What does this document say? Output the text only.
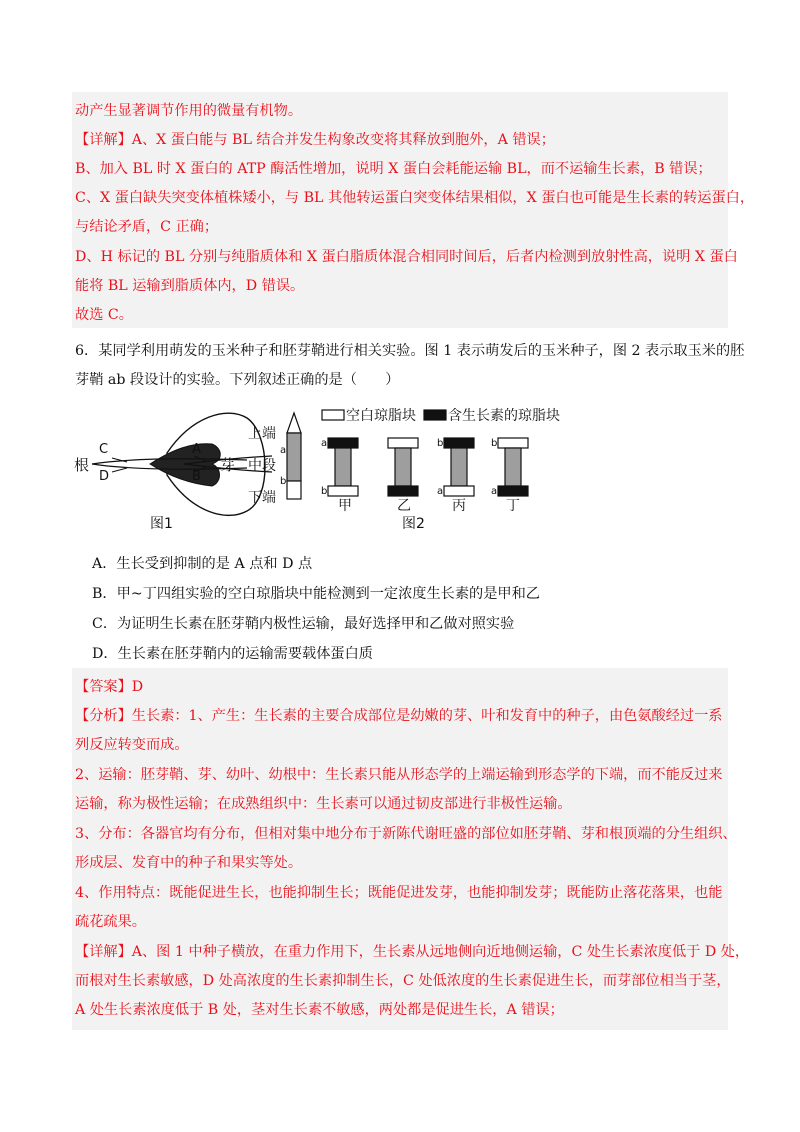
动产生显著调节作用的微量有机物。
【详解】A、X 蛋白能与 BL 结合并发生构象改变将其释放到胞外，A 错误；
B、加入 BL 时 X 蛋白的 ATP 酶活性增加，说明 X 蛋白会耗能运输 BL，而不运输生长素，B 错误；
C、X 蛋白缺失突变体植株矮小，与 BL 其他转运蛋白突变体结果相似，X 蛋白也可能是生长素的转运蛋白，
与结论矛盾，C 正确；
D、H 标记的 BL 分别与纯脂质体和 X 蛋白脂质体混合相同时间后，后者内检测到放射性高，说明 X 蛋白
能将 BL 运输到脂质体内，D 错误。
故选 C。
6．某同学利用萌发的玉米种子和胚芽鞘进行相关实验。图 1 表示萌发后的玉米种子，图 2 表示取玉米的胚
芽鞘 ab 段设计的实验。下列叙述正确的是（　　）
C
D
A
B
根	芽
图1
a
b
上端
中段
下端
空白琼脂块 含生长素的琼脂块
a
b
甲	乙
b
a
丙
b
a
丁
图2
A．生长受到抑制的是 A 点和 D 点
B．甲~丁四组实验的空白琼脂块中能检测到一定浓度生长素的是甲和乙
C．为证明生长素在胚芽鞘内极性运输，最好选择甲和乙做对照实验
D．生长素在胚芽鞘内的运输需要载体蛋白质
【答案】D
【分析】生长素：1、产生：生长素的主要合成部位是幼嫩的芽、叶和发育中的种子，由色氨酸经过一系
列反应转变而成。
2、运输：胚芽鞘、芽、幼叶、幼根中：生长素只能从形态学的上端运输到形态学的下端，而不能反过来
运输，称为极性运输；在成熟组织中：生长素可以通过韧皮部进行非极性运输。
3、分布：各器官均有分布，但相对集中地分布于新陈代谢旺盛的部位如胚芽鞘、芽和根顶端的分生组织、
形成层、发育中的种子和果实等处。
4、作用特点：既能促进生长，也能抑制生长；既能促进发芽，也能抑制发芽；既能防止落花落果，也能
疏花疏果。
【详解】A、图 1 中种子横放，在重力作用下，生长素从远地侧向近地侧运输，C 处生长素浓度低于 D 处，
而根对生长素敏感，D 处高浓度的生长素抑制生长，C 处低浓度的生长素促进生长，而芽部位相当于茎，
A 处生长素浓度低于 B 处，茎对生长素不敏感，两处都是促进生长，A 错误；
